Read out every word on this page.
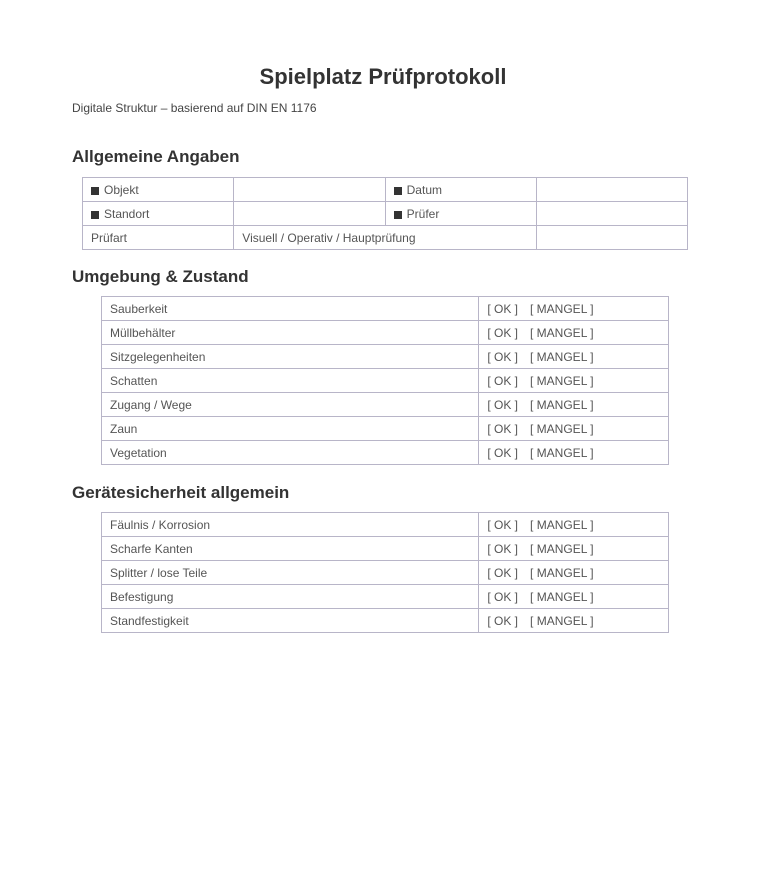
Spielplatz Prüfprotokoll

Digitale Struktur – basierend auf DIN EN 1176

Allgemeine Angaben
Objekt		Datum	
Standort		Prüfer	
Prüfart	Visuell / Operativ / Hauptprüfung		
Umgebung & Zustand
Sauberkeit	[ OK ] [ MANGEL ]
Müllbehälter	[ OK ] [ MANGEL ]
Sitzgelegenheiten	[ OK ] [ MANGEL ]
Schatten	[ OK ] [ MANGEL ]
Zugang / Wege	[ OK ] [ MANGEL ]
Zaun	[ OK ] [ MANGEL ]
Vegetation	[ OK ] [ MANGEL ]
Gerätesicherheit allgemein
Fäulnis / Korrosion	[ OK ] [ MANGEL ]
Scharfe Kanten	[ OK ] [ MANGEL ]
Splitter / lose Teile	[ OK ] [ MANGEL ]
Befestigung	[ OK ] [ MANGEL ]
Standfestigkeit	[ OK ] [ MANGEL ]
